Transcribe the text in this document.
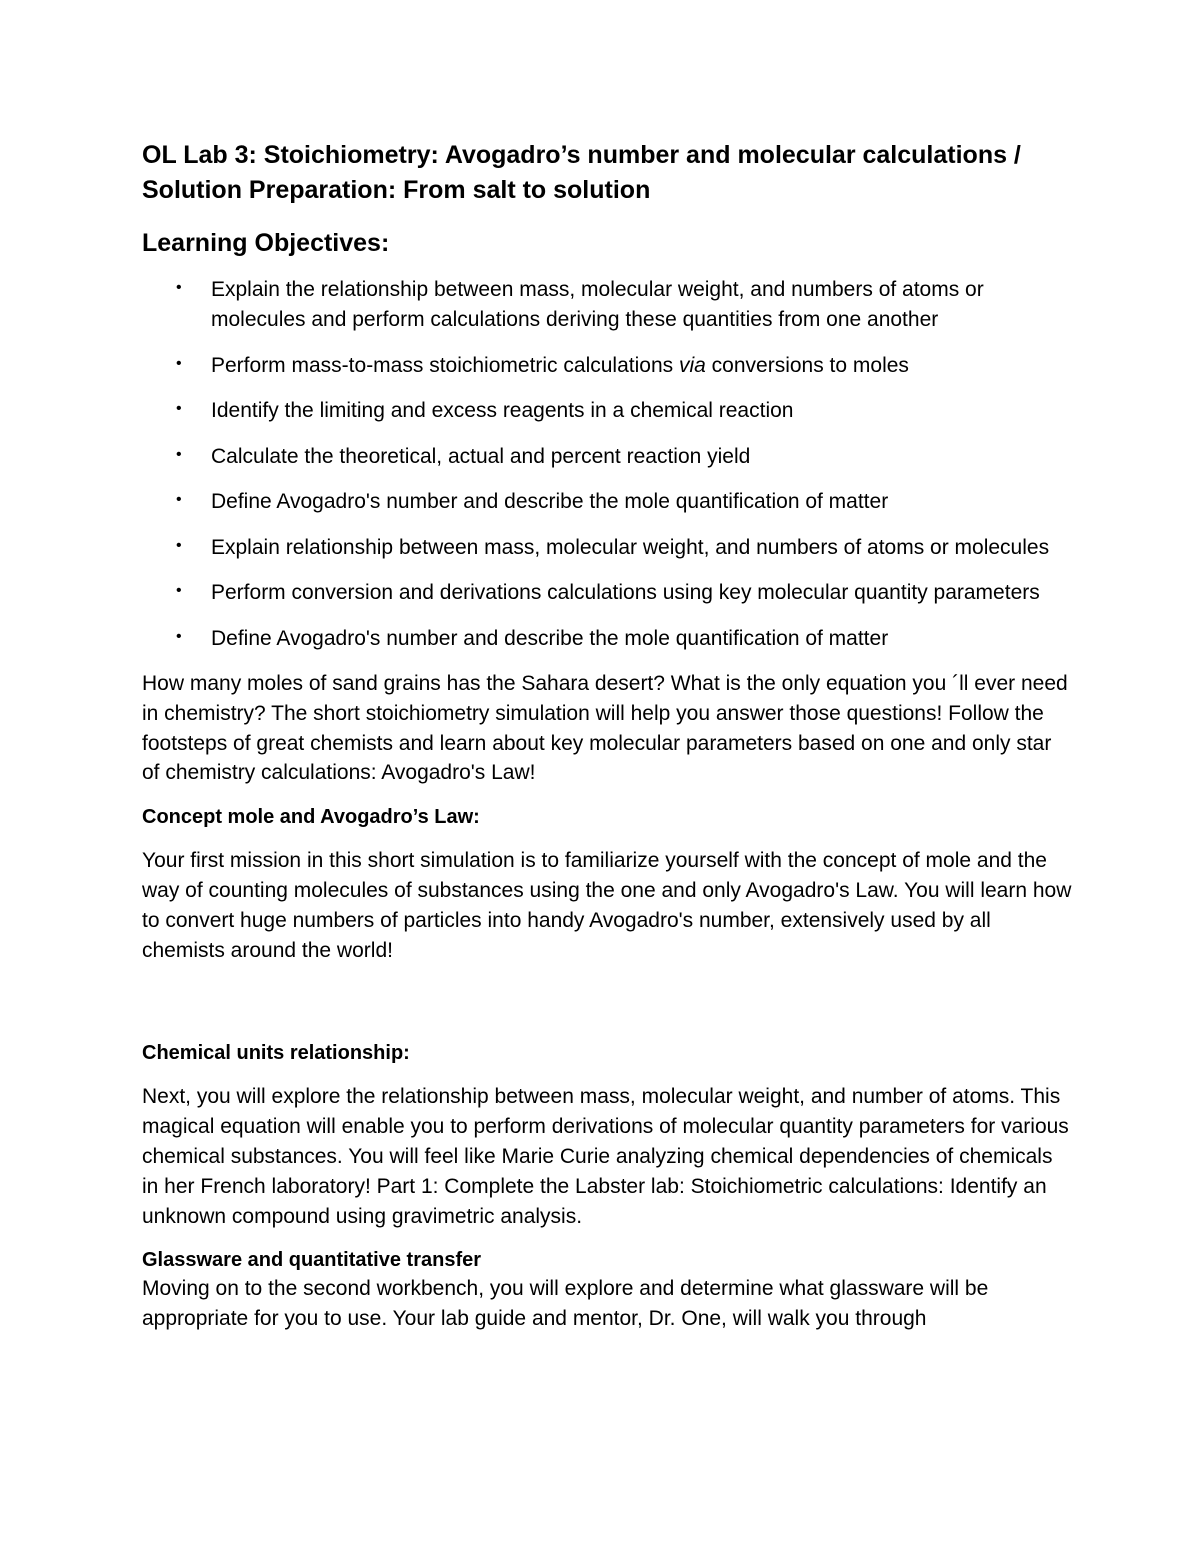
OL Lab 3: Stoichiometry: Avogadro’s number and molecular calculations / Solution Preparation: From salt to solution
Learning Objectives:
• Explain the relationship between mass, molecular weight, and numbers of atoms or molecules and perform calculations deriving these quantities from one another
• Perform mass-to-mass stoichiometric calculations via conversions to moles
• Identify the limiting and excess reagents in a chemical reaction
• Calculate the theoretical, actual and percent reaction yield
• Define Avogadro's number and describe the mole quantification of matter
• Explain relationship between mass, molecular weight, and numbers of atoms or molecules
• Perform conversion and derivations calculations using key molecular quantity parameters
• Define Avogadro's number and describe the mole quantification of matter

How many moles of sand grains has the Sahara desert? What is the only equation you ´ll ever need in chemistry? The short stoichiometry simulation will help you answer those questions! Follow the footsteps of great chemists and learn about key molecular parameters based on one and only star of chemistry calculations: Avogadro's Law!

Concept mole and Avogadro’s Law:

Your first mission in this short simulation is to familiarize yourself with the concept of mole and the way of counting molecules of substances using the one and only Avogadro's Law. You will learn how to convert huge numbers of particles into handy Avogadro's number, extensively used by all chemists around the world!

Chemical units relationship:

Next, you will explore the relationship between mass, molecular weight, and number of atoms. This magical equation will enable you to perform derivations of molecular quantity parameters for various chemical substances. You will feel like Marie Curie analyzing chemical dependencies of chemicals in her French laboratory! Part 1: Complete the Labster lab: Stoichiometric calculations: Identify an unknown compound using gravimetric analysis.

Glassware and quantitative transfer

Moving on to the second workbench, you will explore and determine what glassware will be appropriate for you to use. Your lab guide and mentor, Dr. One, will walk you through
